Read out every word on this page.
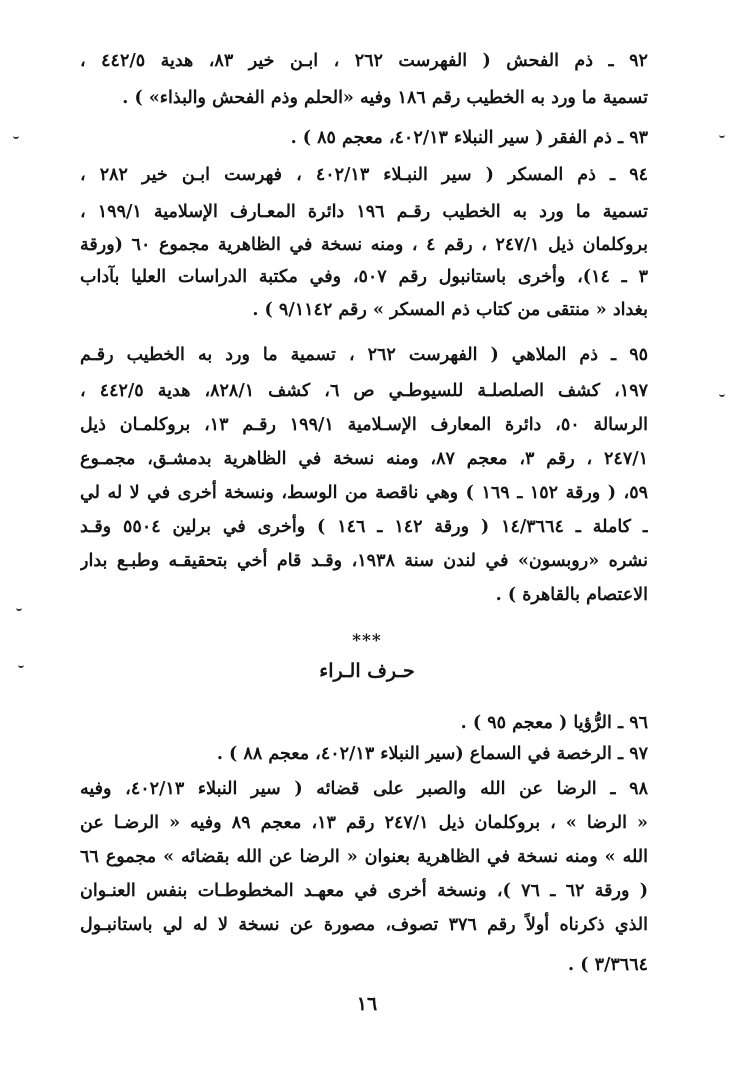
٩٢ ـ ذم الفحش ( الفهرست ٢٦٢ ، ابـن خير ٨٣، هدية ٤٤٢/٥ ،
تسمية ما ورد به الخطيب رقم ١٨٦ وفيه «الحلم وذم الفحش والبذاء» ) .
٩٣ ـ ذم الفقر ( سير النبلاء ٤٠٢/١٣، معجم ٨٥ ) .
٩٤ ـ ذم المسكر ( سير النبـلاء ٤٠٢/١٣ ، فهرست ابـن خير ٢٨٢ ،
تسمية ما ورد به الخطيب رقـم ١٩٦ دائرة المعـارف الإسلامية ١٩٩/١ ،
بروكلمان ذيل ٢٤٧/١ ، رقم ٤ ، ومنه نسخة في الظاهرية مجموع ٦٠ (ورقة
٣ ـ ١٤)، وأخرى باستانبول رقم ٥٠٧، وفي مكتبة الدراسات العليا بآداب
بغداد « منتقى من كتاب ذم المسكر » رقم ٩/١١٤٢ ) .
٩٥ ـ ذم الملاهي ( الفهرست ٢٦٢ ، تسمية ما ورد به الخطيب رقـم
١٩٧، كشف الصلصلـة للسيوطـي ص ٦، كشف ٨٢٨/١، هدية ٤٤٢/٥ ،
الرسالة ٥٠، دائرة المعارف الإسـلامية ١٩٩/١ رقـم ١٣، بروكلمـان ذيل
٢٤٧/١ ، رقم ٣، معجم ٨٧، ومنه نسخة في الظاهرية بدمشـق، مجمـوع
٥٩، ( ورقة ١٥٢ ـ ١٦٩ ) وهي ناقصة من الوسط، ونسخة أخرى في لا له لي
ـ كاملة ـ ١٤/٣٦٦٤ ( ورقة ١٤٢ ـ ١٤٦ ) وأخرى في برلين ٥٥٠٤ وقـد
نشره «روبسون» في لندن سنة ١٩٣٨، وقـد قام أخي بتحقيقـه وطبـع بدار
الاعتصام بالقاهرة ) .
***
حـرف الـراء
٩٦ ـ الرُّؤيا ( معجم ٩٥ ) .
٩٧ ـ الرخصة في السماع (سير النبلاء ٤٠٢/١٣، معجم ٨٨ ) .
٩٨ ـ الرضا عن الله والصبر على قضائه ( سير النبلاء ٤٠٢/١٣، وفيه
« الرضا » ، بروكلمان ذيل ٢٤٧/١ رقم ١٣، معجم ٨٩ وفيه « الرضـا عن
الله » ومنه نسخة في الظاهرية بعنوان « الرضا عن الله بقضائه » مجموع ٦٦
( ورقة ٦٢ ـ ٧٦ )، ونسخة أخرى في معهـد المخطوطـات بنفس العنـوان
الذي ذكرناه أولاً رقم ٣٧٦ تصوف، مصورة عن نسخة لا له لي باستانبـول
٣/٣٦٦٤ ) .
١٦
